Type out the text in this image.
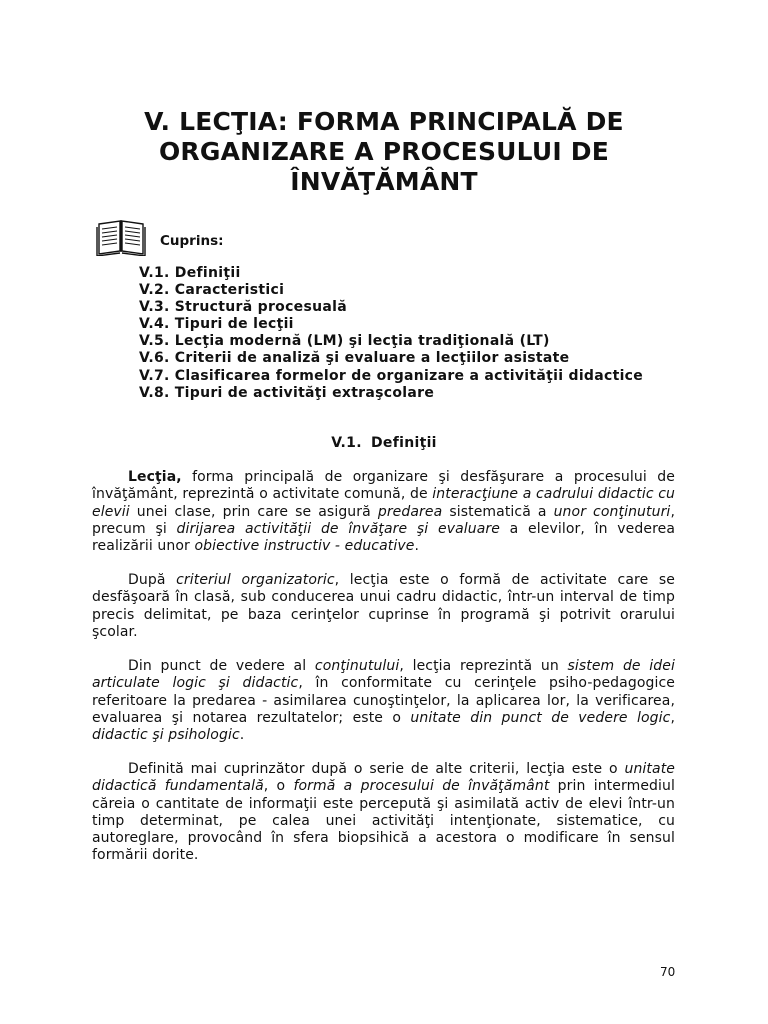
V. LECŢIA: FORMA PRINCIPALĂ DE
ORGANIZARE A PROCESULUI DE
ÎNVĂŢĂMÂNT
Cuprins:
V.1. Definiţii
V.2. Caracteristici
V.3. Structură procesuală
V.4. Tipuri de lecţii
V.5. Lecţia modernă (LM) şi lecţia tradiţională (LT)
V.6. Criterii de analiză şi evaluare a lecţiilor asistate
V.7. Clasificarea formelor de organizare a activităţii didactice
V.8. Tipuri de activităţi extraşcolare
V.1. Definiţii

Lecţia, forma principală de organizare şi desfăşurare a procesului de învăţământ, reprezintă o activitate comună, de interacţiune a cadrului didactic cu elevii unei clase, prin care se asigură predarea sistematică a unor conţinuturi, precum şi dirijarea activităţii de învăţare şi evaluare a elevilor, în vederea realizării unor obiective instructiv - educative.

După criteriul organizatoric, lecţia este o formă de activitate care se desfăşoară în clasă, sub conducerea unui cadru didactic, într-un interval de timp precis delimitat, pe baza cerinţelor cuprinse în programă şi potrivit orarului şcolar.

Din punct de vedere al conţinutului, lecţia reprezintă un sistem de idei articulate logic şi didactic, în conformitate cu cerinţele psiho-pedagogice referitoare la predarea - asimilarea cunoştinţelor, la aplicarea lor, la verificarea, evaluarea şi notarea rezultatelor; este o unitate din punct de vedere logic, didactic şi psihologic.

Definită mai cuprinzător după o serie de alte criterii, lecţia este o unitate didactică fundamentală, o formă a procesului de învăţământ prin intermediul căreia o cantitate de informaţii este percepută şi asimilată activ de elevi într-un timp determinat, pe calea unei activităţi intenţionate, sistematice, cu autoreglare, provocând în sfera biopsihică a acestora o modificare în sensul formării dorite.

70
